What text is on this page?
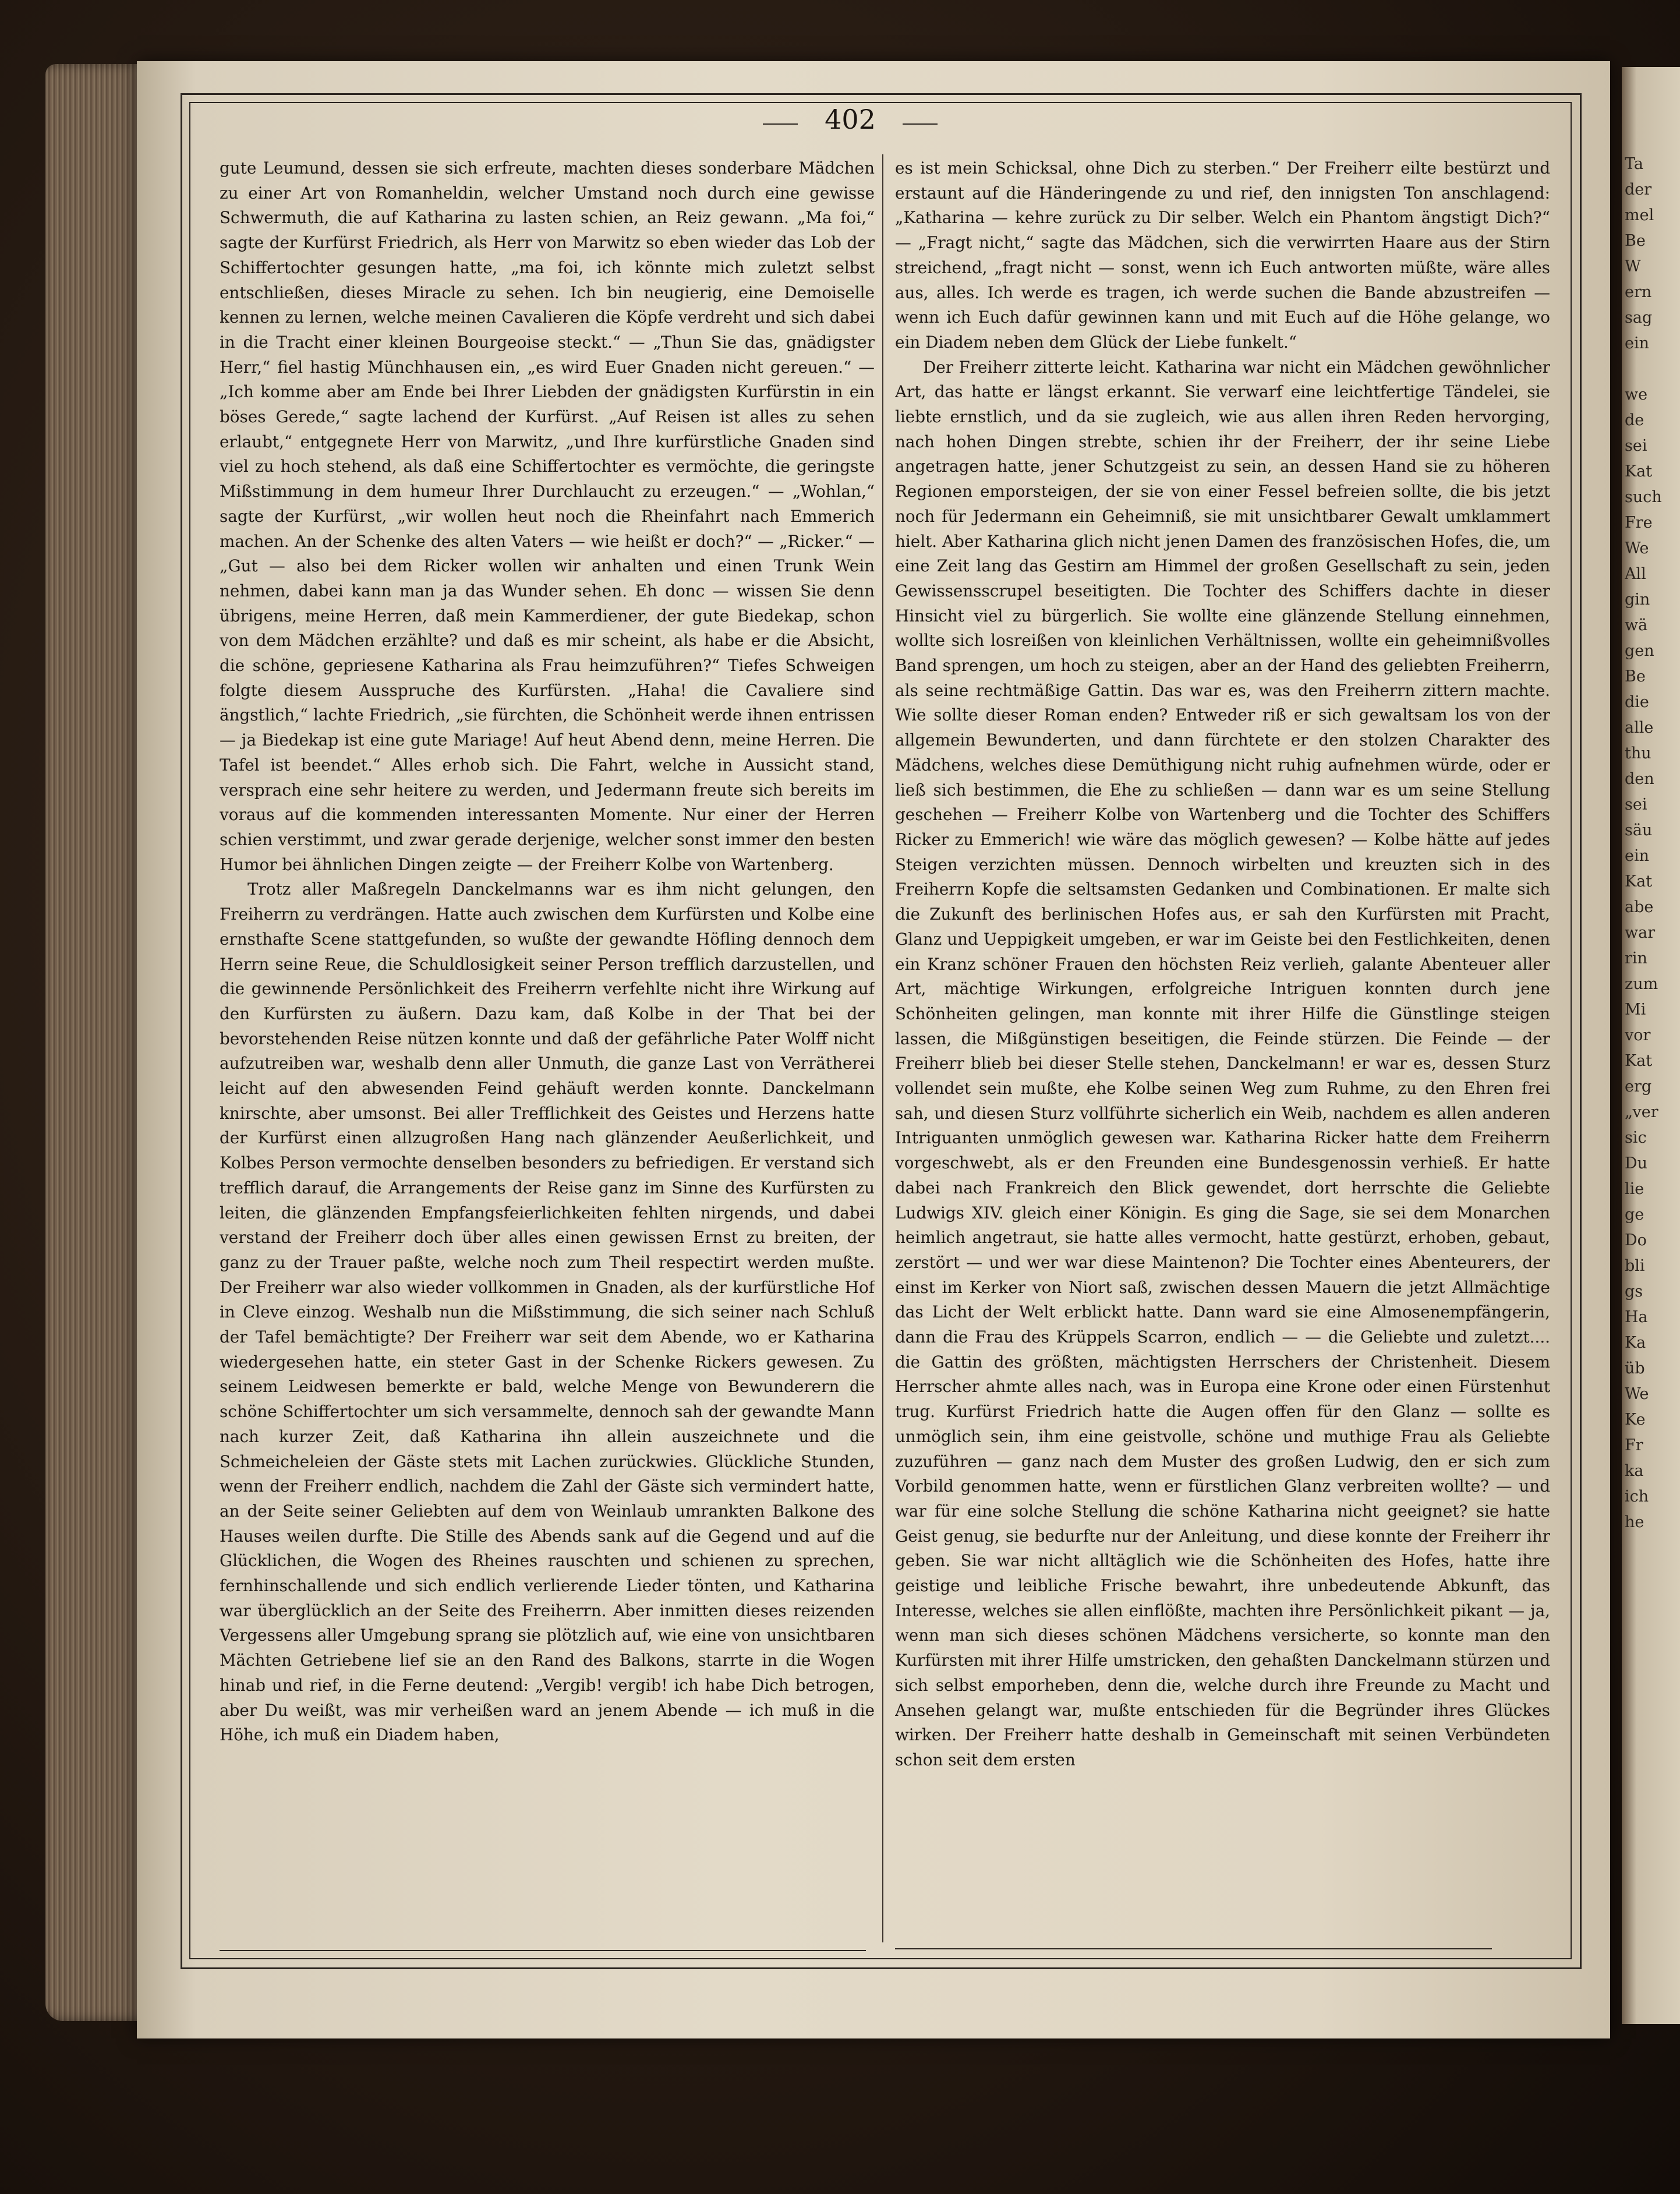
402

gute Leumund, dessen sie sich erfreute, machten dieses sonderbare Mädchen zu einer Art von Romanheldin, welcher Umstand noch durch eine gewisse Schwermuth, die auf Katharina zu lasten schien, an Reiz gewann. „Ma foi,“ sagte der Kurfürst Friedrich, als Herr von Marwitz so eben wieder das Lob der Schiffertochter gesungen hatte, „ma foi, ich könnte mich zuletzt selbst entschließen, dieses Miracle zu sehen. Ich bin neugierig, eine Demoiselle kennen zu lernen, welche meinen Cavalieren die Köpfe verdreht und sich dabei in die Tracht einer kleinen Bourgeoise steckt.“ — „Thun Sie das, gnädigster Herr,“ fiel hastig Münchhausen ein, „es wird Euer Gnaden nicht gereuen.“ — „Ich komme aber am Ende bei Ihrer Liebden der gnädigsten Kurfürstin in ein böses Gerede,“ sagte lachend der Kurfürst. „Auf Reisen ist alles zu sehen erlaubt,“ entgegnete Herr von Marwitz, „und Ihre kurfürstliche Gnaden sind viel zu hoch stehend, als daß eine Schiffertochter es vermöchte, die geringste Mißstimmung in dem humeur Ihrer Durchlaucht zu erzeugen.“ — „Wohlan,“ sagte der Kurfürst, „wir wollen heut noch die Rheinfahrt nach Emmerich machen. An der Schenke des alten Vaters — wie heißt er doch?“ — „Ricker.“ — „Gut — also bei dem Ricker wollen wir anhalten und einen Trunk Wein nehmen, dabei kann man ja das Wunder sehen. Eh donc — wissen Sie denn übrigens, meine Herren, daß mein Kammerdiener, der gute Biedekap, schon von dem Mädchen erzählte? und daß es mir scheint, als habe er die Absicht, die schöne, gepriesene Katharina als Frau heimzuführen?“ Tiefes Schweigen folgte diesem Ausspruche des Kurfürsten. „Haha! die Cavaliere sind ängstlich,“ lachte Friedrich, „sie fürchten, die Schönheit werde ihnen entrissen — ja Biedekap ist eine gute Mariage! Auf heut Abend denn, meine Herren. Die Tafel ist beendet.“ Alles erhob sich. Die Fahrt, welche in Aussicht stand, versprach eine sehr heitere zu werden, und Jedermann freute sich bereits im voraus auf die kommenden interessanten Momente. Nur einer der Herren schien verstimmt, und zwar gerade derjenige, welcher sonst immer den besten Humor bei ähnlichen Dingen zeigte — der Freiherr Kolbe von Wartenberg.

Trotz aller Maßregeln Danckelmanns war es ihm nicht gelungen, den Freiherrn zu verdrängen. Hatte auch zwischen dem Kurfürsten und Kolbe eine ernsthafte Scene stattgefunden, so wußte der gewandte Höfling dennoch dem Herrn seine Reue, die Schuldlosigkeit seiner Person trefflich darzustellen, und die gewinnende Persönlichkeit des Freiherrn verfehlte nicht ihre Wirkung auf den Kurfürsten zu äußern. Dazu kam, daß Kolbe in der That bei der bevorstehenden Reise nützen konnte und daß der gefährliche Pater Wolff nicht aufzutreiben war, weshalb denn aller Unmuth, die ganze Last von Verrätherei leicht auf den abwesenden Feind gehäuft werden konnte. Danckelmann knirschte, aber umsonst. Bei aller Trefflichkeit des Geistes und Herzens hatte der Kurfürst einen allzugroßen Hang nach glänzender Aeußerlichkeit, und Kolbes Person vermochte denselben besonders zu befriedigen. Er verstand sich trefflich darauf, die Arrangements der Reise ganz im Sinne des Kurfürsten zu leiten, die glänzenden Empfangsfeierlichkeiten fehlten nirgends, und dabei verstand der Freiherr doch über alles einen gewissen Ernst zu breiten, der ganz zu der Trauer paßte, welche noch zum Theil respectirt werden mußte. Der Freiherr war also wieder vollkommen in Gnaden, als der kurfürstliche Hof in Cleve einzog. Weshalb nun die Mißstimmung, die sich seiner nach Schluß der Tafel bemächtigte? Der Freiherr war seit dem Abende, wo er Katharina wiedergesehen hatte, ein steter Gast in der Schenke Rickers gewesen. Zu seinem Leidwesen bemerkte er bald, welche Menge von Bewunderern die schöne Schiffertochter um sich versammelte, dennoch sah der gewandte Mann nach kurzer Zeit, daß Katharina ihn allein auszeichnete und die Schmeicheleien der Gäste stets mit Lachen zurückwies. Glückliche Stunden, wenn der Freiherr endlich, nachdem die Zahl der Gäste sich vermindert hatte, an der Seite seiner Geliebten auf dem von Weinlaub umrankten Balkone des Hauses weilen durfte. Die Stille des Abends sank auf die Gegend und auf die Glücklichen, die Wogen des Rheines rauschten und schienen zu sprechen, fernhinschallende und sich endlich verlierende Lieder tönten, und Katharina war überglücklich an der Seite des Freiherrn. Aber inmitten dieses reizenden Vergessens aller Umgebung sprang sie plötzlich auf, wie eine von unsichtbaren Mächten Getriebene lief sie an den Rand des Balkons, starrte in die Wogen hinab und rief, in die Ferne deutend: „Vergib! vergib! ich habe Dich betrogen, aber Du weißt, was mir verheißen ward an jenem Abende — ich muß in die Höhe, ich muß ein Diadem haben,

es ist mein Schicksal, ohne Dich zu sterben.“ Der Freiherr eilte bestürzt und erstaunt auf die Händeringende zu und rief, den innigsten Ton anschlagend: „Katharina — kehre zurück zu Dir selber. Welch ein Phantom ängstigt Dich?“ — „Fragt nicht,“ sagte das Mädchen, sich die verwirrten Haare aus der Stirn streichend, „fragt nicht — sonst, wenn ich Euch antworten müßte, wäre alles aus, alles. Ich werde es tragen, ich werde suchen die Bande abzustreifen — wenn ich Euch dafür gewinnen kann und mit Euch auf die Höhe gelange, wo ein Diadem neben dem Glück der Liebe funkelt.“

Der Freiherr zitterte leicht. Katharina war nicht ein Mädchen gewöhnlicher Art, das hatte er längst erkannt. Sie verwarf eine leichtfertige Tändelei, sie liebte ernstlich, und da sie zugleich, wie aus allen ihren Reden hervorging, nach hohen Dingen strebte, schien ihr der Freiherr, der ihr seine Liebe angetragen hatte, jener Schutzgeist zu sein, an dessen Hand sie zu höheren Regionen emporsteigen, der sie von einer Fessel befreien sollte, die bis jetzt noch für Jedermann ein Geheimniß, sie mit unsichtbarer Gewalt umklammert hielt. Aber Katharina glich nicht jenen Damen des französischen Hofes, die, um eine Zeit lang das Gestirn am Himmel der großen Gesellschaft zu sein, jeden Gewissensscrupel beseitigten. Die Tochter des Schiffers dachte in dieser Hinsicht viel zu bürgerlich. Sie wollte eine glänzende Stellung einnehmen, wollte sich losreißen von kleinlichen Verhältnissen, wollte ein geheimnißvolles Band sprengen, um hoch zu steigen, aber an der Hand des geliebten Freiherrn, als seine rechtmäßige Gattin. Das war es, was den Freiherrn zittern machte. Wie sollte dieser Roman enden? Entweder riß er sich gewaltsam los von der allgemein Bewunderten, und dann fürchtete er den stolzen Charakter des Mädchens, welches diese Demüthigung nicht ruhig aufnehmen würde, oder er ließ sich bestimmen, die Ehe zu schließen — dann war es um seine Stellung geschehen — Freiherr Kolbe von Wartenberg und die Tochter des Schiffers Ricker zu Emmerich! wie wäre das möglich gewesen? — Kolbe hätte auf jedes Steigen verzichten müssen. Dennoch wirbelten und kreuzten sich in des Freiherrn Kopfe die seltsamsten Gedanken und Combinationen. Er malte sich die Zukunft des berlinischen Hofes aus, er sah den Kurfürsten mit Pracht, Glanz und Ueppigkeit umgeben, er war im Geiste bei den Festlichkeiten, denen ein Kranz schöner Frauen den höchsten Reiz verlieh, galante Abenteuer aller Art, mächtige Wirkungen, erfolgreiche Intriguen konnten durch jene Schönheiten gelingen, man konnte mit ihrer Hilfe die Günstlinge steigen lassen, die Mißgünstigen beseitigen, die Feinde stürzen. Die Feinde — der Freiherr blieb bei dieser Stelle stehen, Danckelmann! er war es, dessen Sturz vollendet sein mußte, ehe Kolbe seinen Weg zum Ruhme, zu den Ehren frei sah, und diesen Sturz vollführte sicherlich ein Weib, nachdem es allen anderen Intriguanten unmöglich gewesen war. Katharina Ricker hatte dem Freiherrn vorgeschwebt, als er den Freunden eine Bundesgenossin verhieß. Er hatte dabei nach Frankreich den Blick gewendet, dort herrschte die Geliebte Ludwigs XIV. gleich einer Königin. Es ging die Sage, sie sei dem Monarchen heimlich angetraut, sie hatte alles vermocht, hatte gestürzt, erhoben, gebaut, zerstört — und wer war diese Maintenon? Die Tochter eines Abenteurers, der einst im Kerker von Niort saß, zwischen dessen Mauern die jetzt Allmächtige das Licht der Welt erblickt hatte. Dann ward sie eine Almosenempfängerin, dann die Frau des Krüppels Scarron, endlich — — die Geliebte und zuletzt.... die Gattin des größten, mächtigsten Herrschers der Christenheit. Diesem Herrscher ahmte alles nach, was in Europa eine Krone oder einen Fürstenhut trug. Kurfürst Friedrich hatte die Augen offen für den Glanz — sollte es unmöglich sein, ihm eine geistvolle, schöne und muthige Frau als Geliebte zuzuführen — ganz nach dem Muster des großen Ludwig, den er sich zum Vorbild genommen hatte, wenn er fürstlichen Glanz verbreiten wollte? — und war für eine solche Stellung die schöne Katharina nicht geeignet? sie hatte Geist genug, sie bedurfte nur der Anleitung, und diese konnte der Freiherr ihr geben. Sie war nicht alltäglich wie die Schönheiten des Hofes, hatte ihre geistige und leibliche Frische bewahrt, ihre unbedeutende Abkunft, das Interesse, welches sie allen einflößte, machten ihre Persönlichkeit pikant — ja, wenn man sich dieses schönen Mädchens versicherte, so konnte man den Kurfürsten mit ihrer Hilfe umstricken, den gehaßten Danckelmann stürzen und sich selbst emporheben, denn die, welche durch ihre Freunde zu Macht und Ansehen gelangt war, mußte entschieden für die Begründer ihres Glückes wirken. Der Freiherr hatte deshalb in Gemeinschaft mit seinen Verbündeten schon seit dem ersten

Ta
der
mel
Be
W
ern
sag
ein

we
de
sei
Kat
such
Fre
We
All
gin
wä
gen
Be
die
alle
thu
den
sei
säu
ein
Kat
abe
war
rin
zum
Mi
vor
Kat
erg
„ver
sic
Du
lie
ge
Do
bli
gs
Ha
Ka
üb
We
Ke
Fr
ka
ich
he
